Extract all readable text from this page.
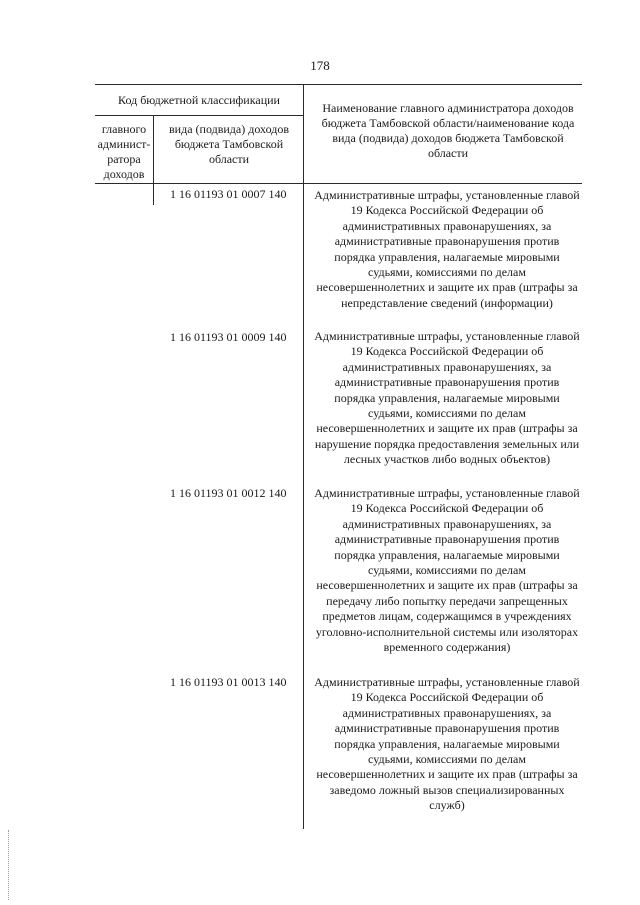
178
Код бюджетной классификации
главного админист-ратора доходов
вида (подвида) доходов бюджета Тамбовской области
Наименование главного администратора доходов бюджета Тамбовской области/наименование кода вида (подвида) доходов бюджета Тамбовской области
1 16 01193 01 0007 140	Административные штрафы, установленные главой 19 Кодекса Российской Федерации об административных правонарушениях, за административные правонарушения против порядка управления, налагаемые мировыми судьями, комиссиями по делам несовершеннолетних и защите их прав (штрафы за непредставление сведений (информации)
1 16 01193 01 0009 140	Административные штрафы, установленные главой 19 Кодекса Российской Федерации об административных правонарушениях, за административные правонарушения против порядка управления, налагаемые мировыми судьями, комиссиями по делам несовершеннолетних и защите их прав (штрафы за нарушение порядка предоставления земельных или лесных участков либо водных объектов)
1 16 01193 01 0012 140	Административные штрафы, установленные главой 19 Кодекса Российской Федерации об административных правонарушениях, за административные правонарушения против порядка управления, налагаемые мировыми судьями, комиссиями по делам несовершеннолетних и защите их прав (штрафы за передачу либо попытку передачи запрещенных предметов лицам, содержащимся в учреждениях уголовно-исполнительной системы или изоляторах временного содержания)
1 16 01193 01 0013 140	Административные штрафы, установленные главой 19 Кодекса Российской Федерации об административных правонарушениях, за административные правонарушения против порядка управления, налагаемые мировыми судьями, комиссиями по делам несовершеннолетних и защите их прав (штрафы за заведомо ложный вызов специализированных служб)
